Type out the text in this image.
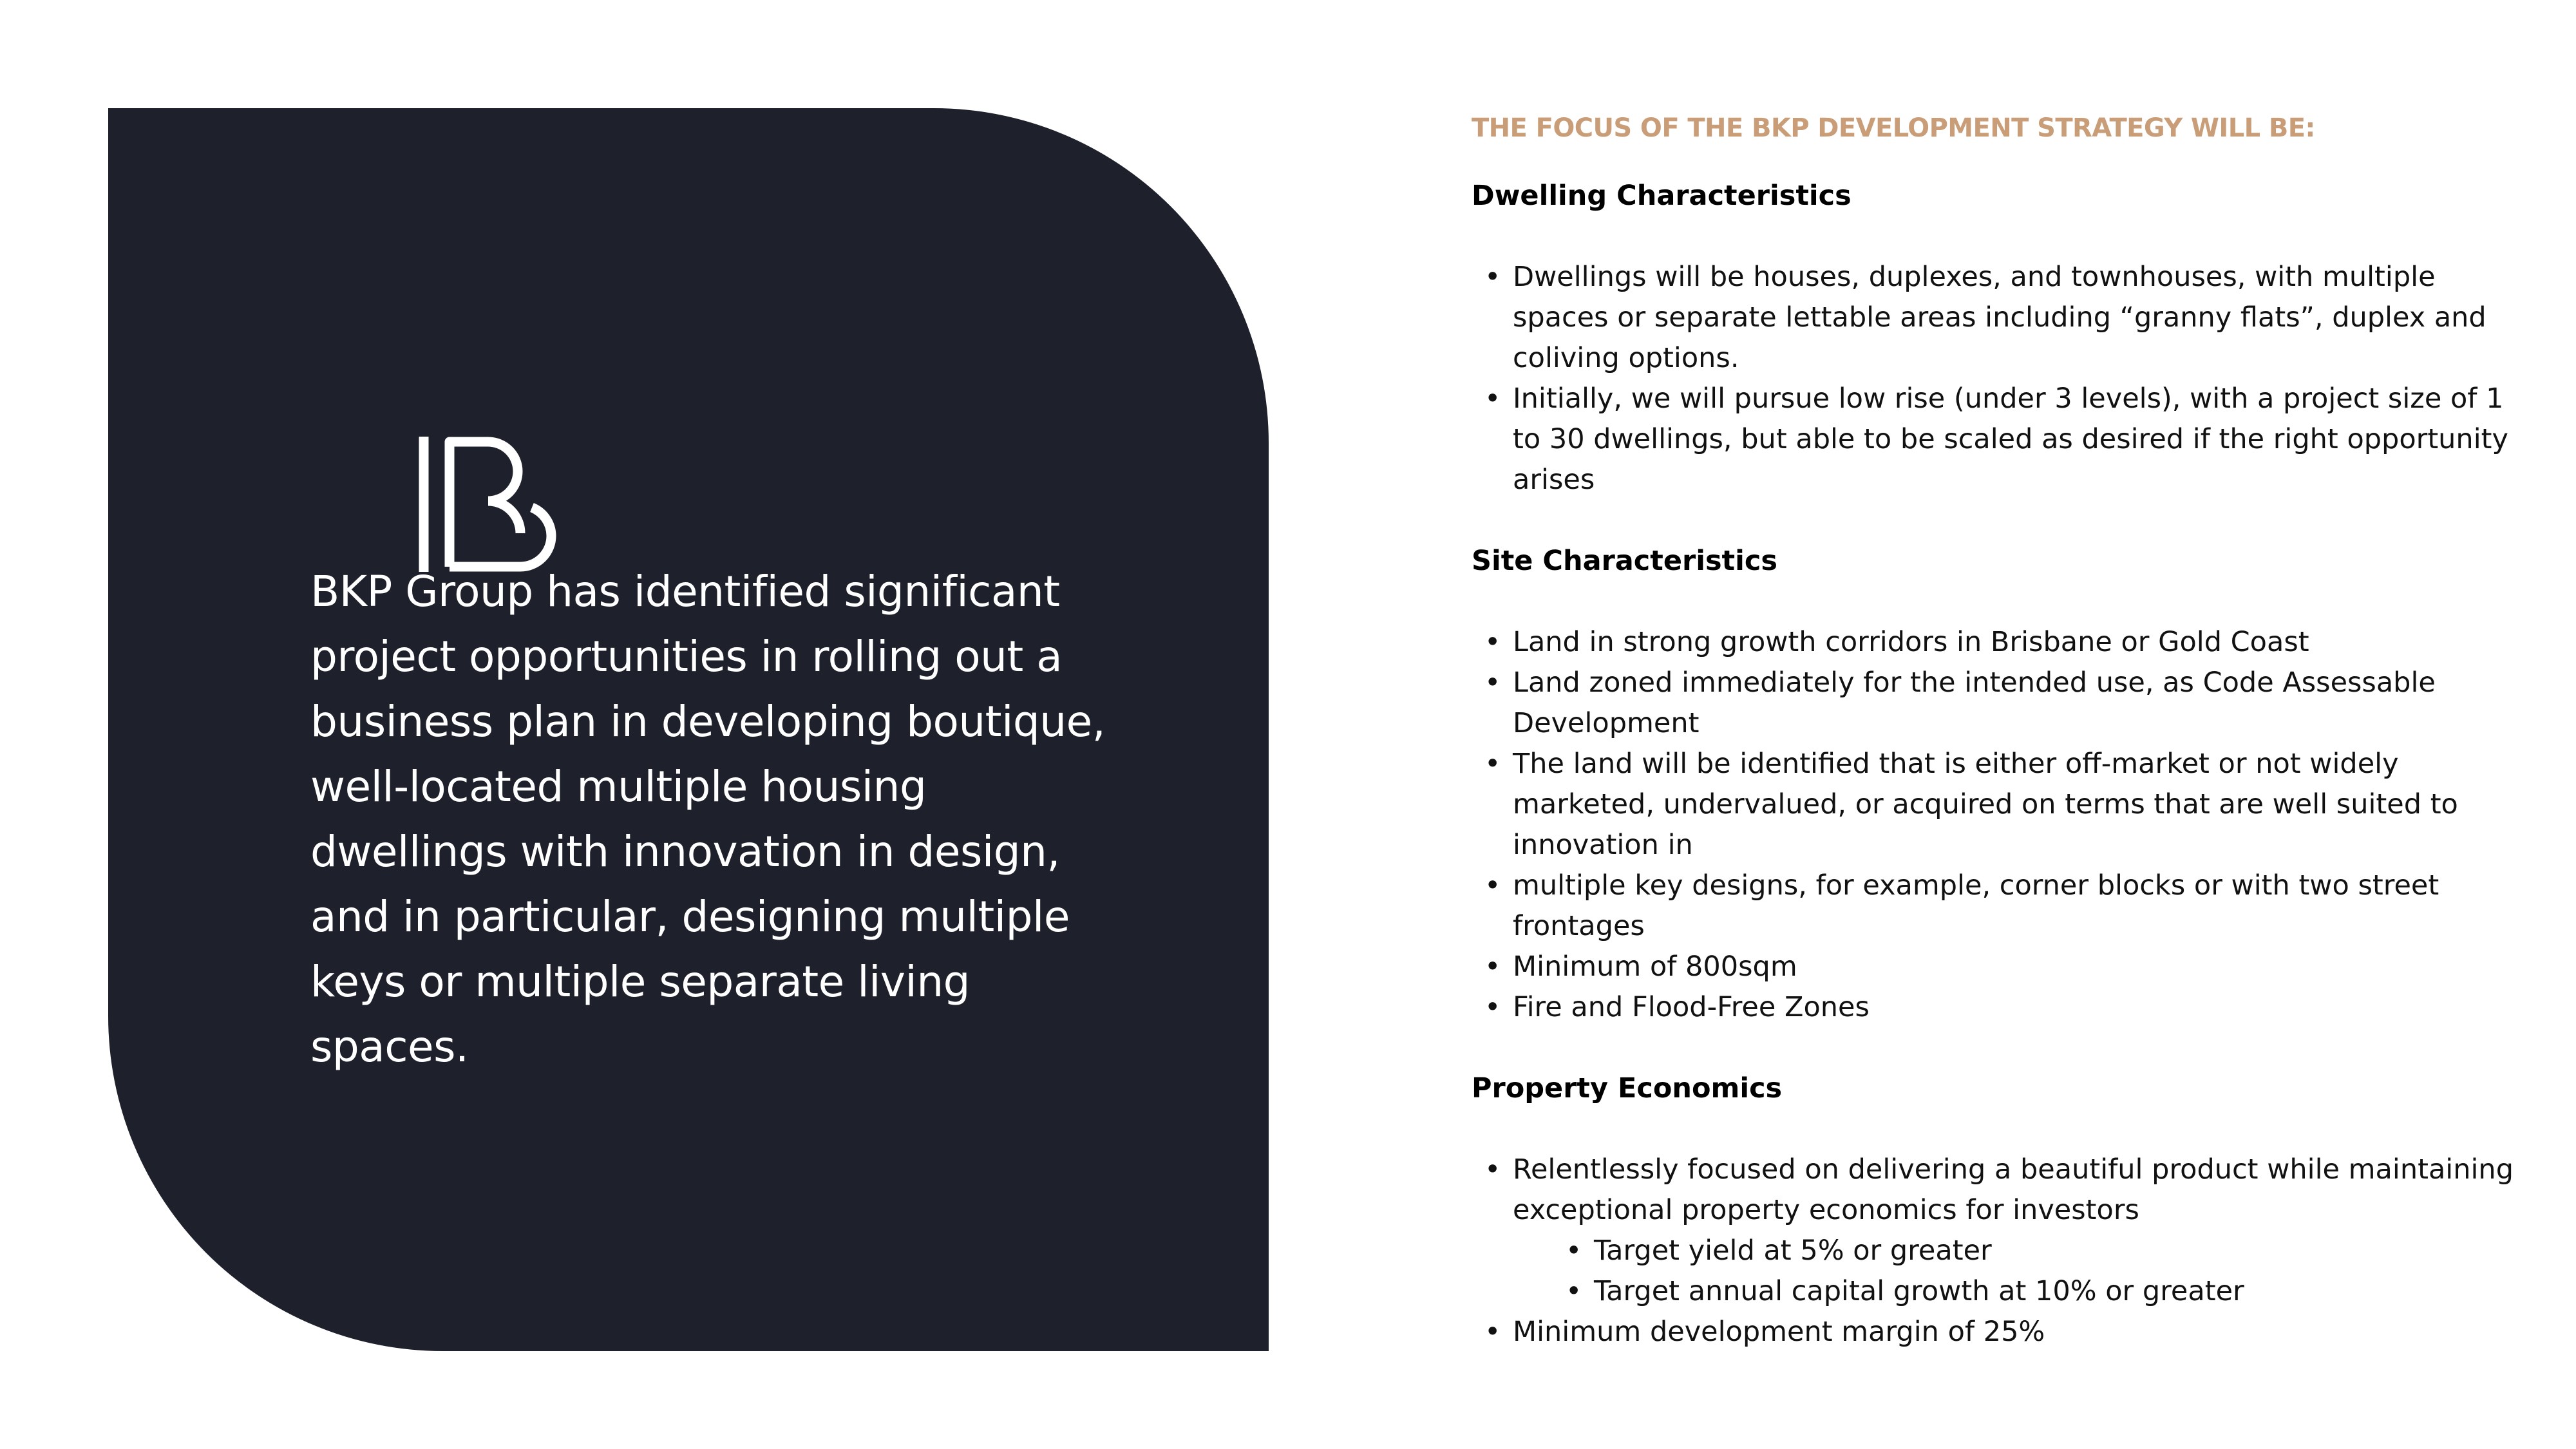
BKP Group has identified significant project opportunities in rolling out a business plan in developing boutique, well-located multiple housing dwellings with innovation in design, and in particular, designing multiple keys or multiple separate living spaces.

THE FOCUS OF THE BKP DEVELOPMENT STRATEGY WILL BE:

Dwelling Characteristics
• Dwellings will be houses, duplexes, and townhouses, with multiple spaces or separate lettable areas including “granny flats”, duplex and coliving options.
• Initially, we will pursue low rise (under 3 levels), with a project size of 1 to 30 dwellings, but able to be scaled as desired if the right opportunity arises
Site Characteristics
• Land in strong growth corridors in Brisbane or Gold Coast
• Land zoned immediately for the intended use, as Code Assessable Development
• The land will be identified that is either off-market or not widely marketed, undervalued, or acquired on terms that are well suited to innovation in
• multiple key designs, for example, corner blocks or with two street frontages
• Minimum of 800sqm
• Fire and Flood-Free Zones
Property Economics
• Relentlessly focused on delivering a beautiful product while maintaining exceptional property economics for investors
• Target yield at 5% or greater
• Target annual capital growth at 10% or greater
• Minimum development margin of 25%
